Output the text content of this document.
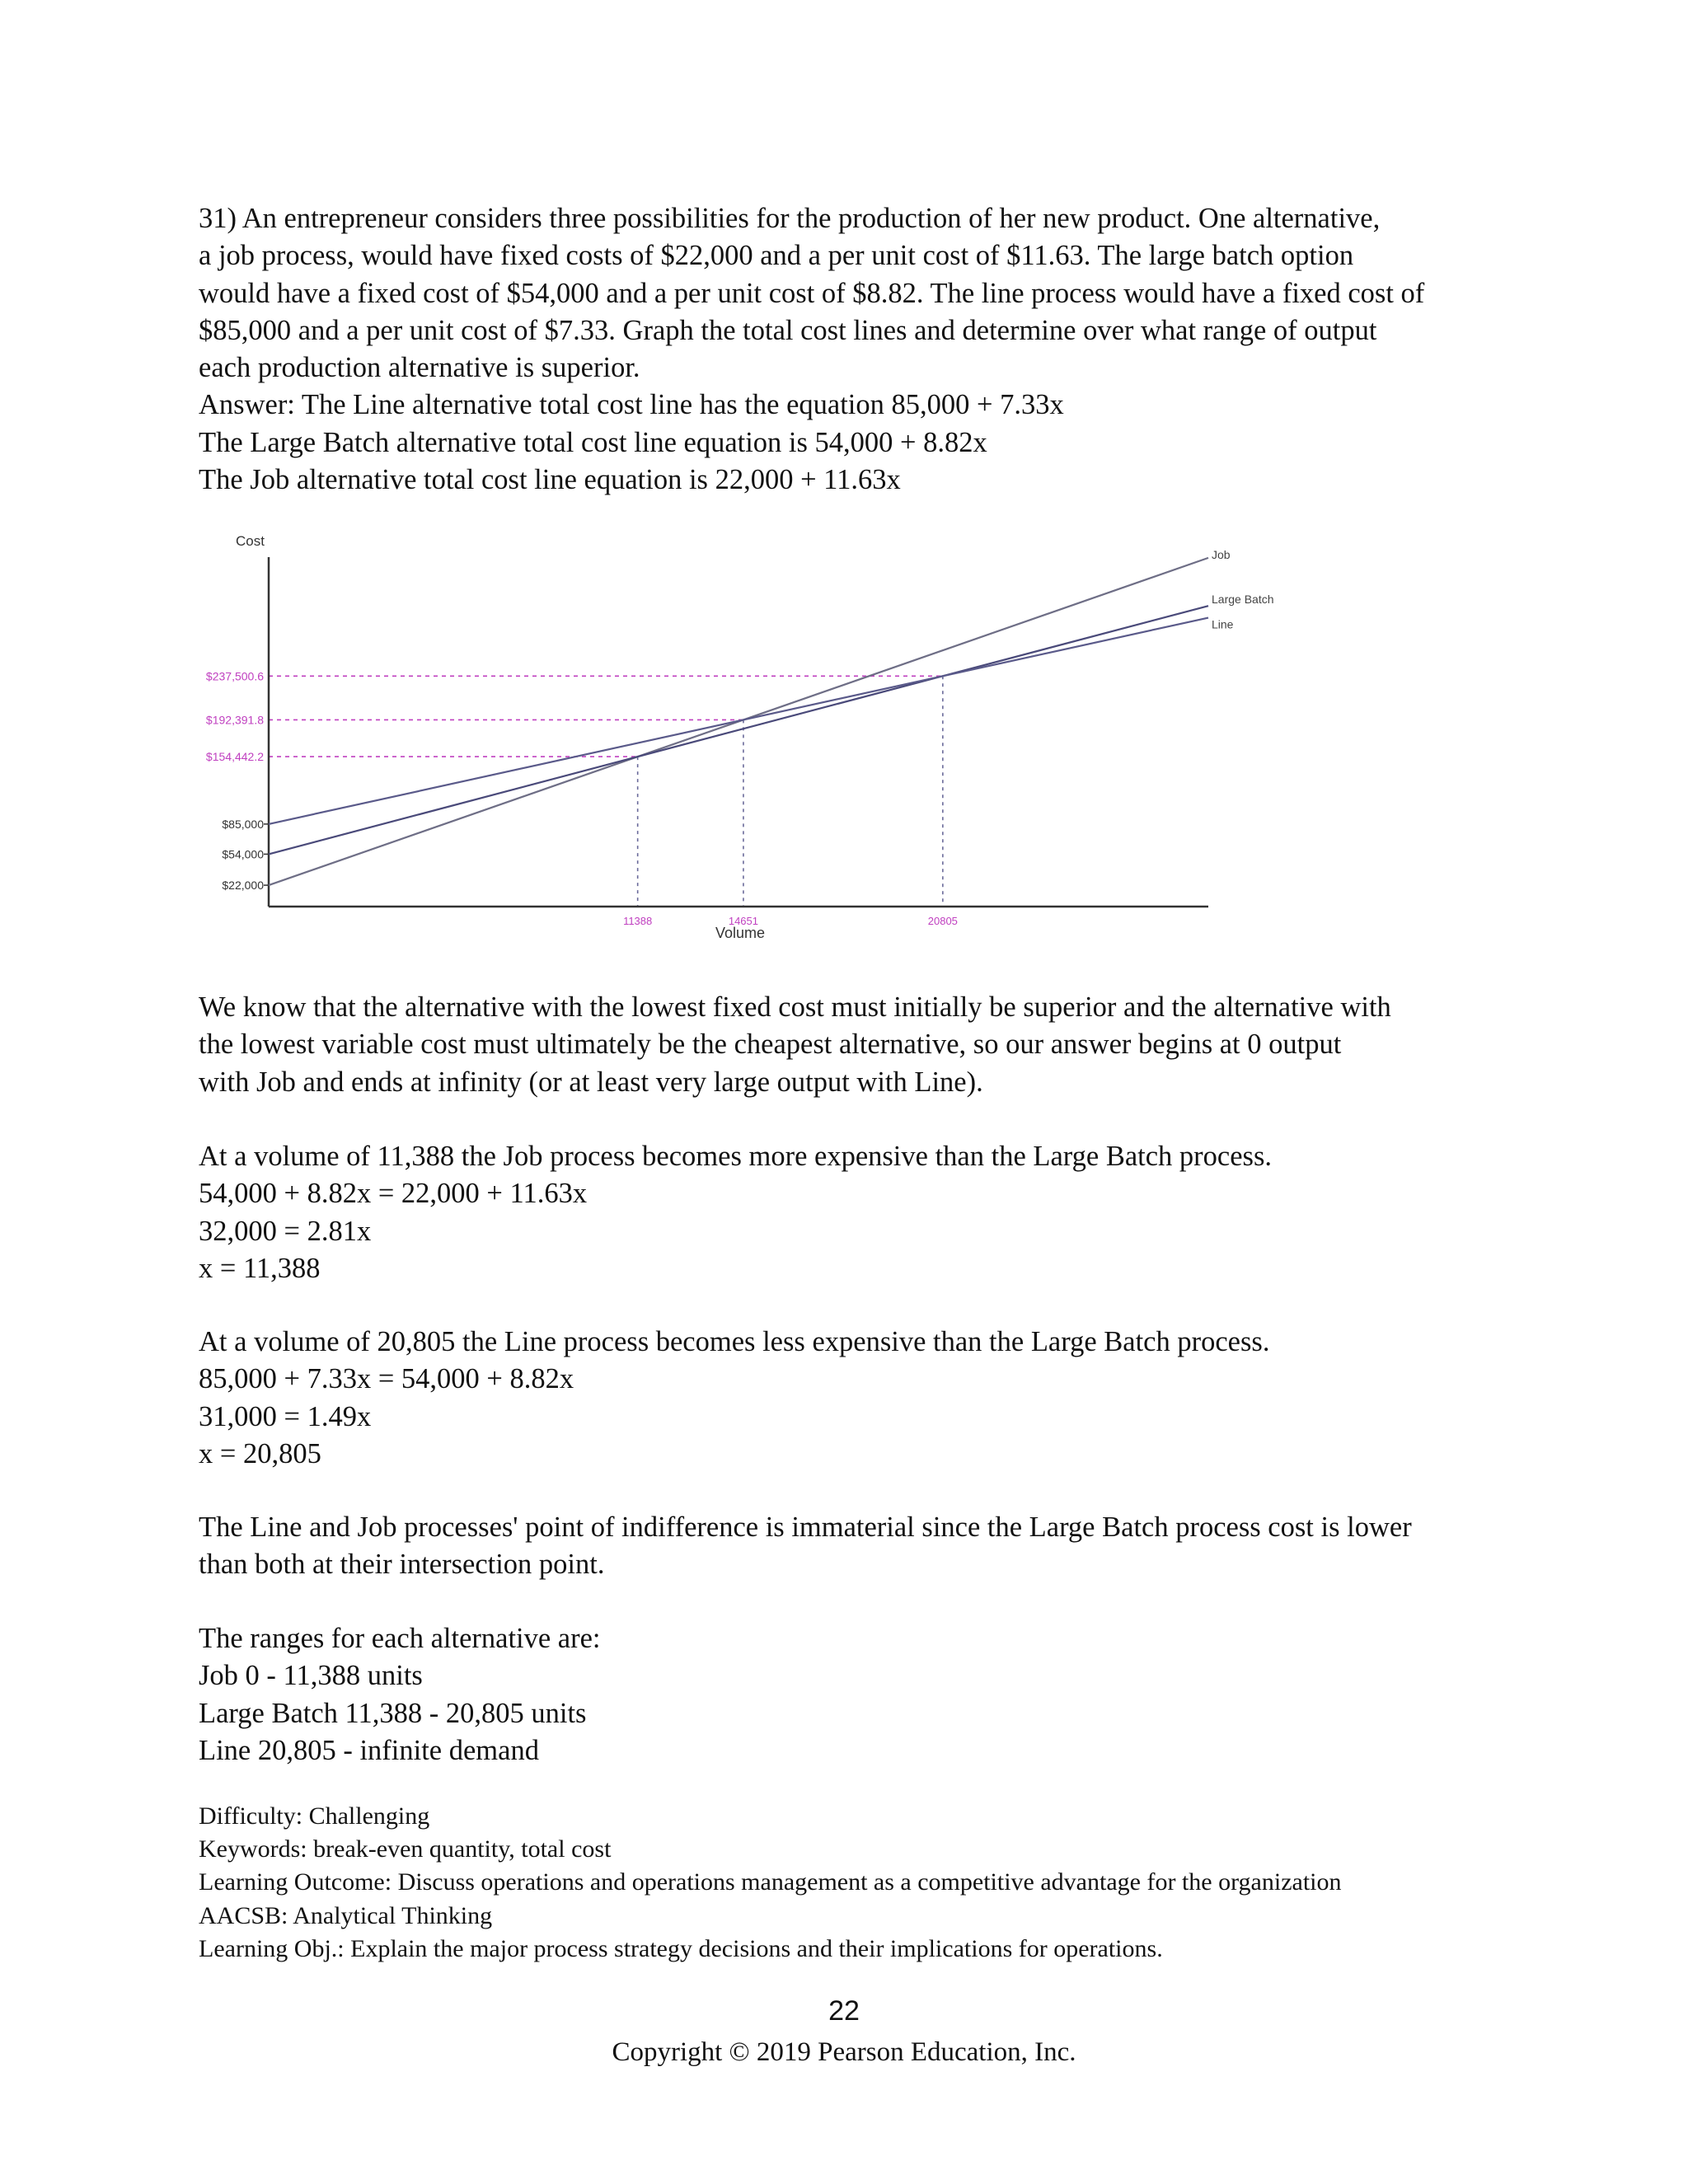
31) An entrepreneur considers three possibilities for the production of her new product. One alternative,

a job process, would have fixed costs of $22,000 and a per unit cost of $11.63. The large batch option

would have a fixed cost of $54,000 and a per unit cost of $8.82. The line process would have a fixed cost of

$85,000 and a per unit cost of $7.33. Graph the total cost lines and determine over what range of output

each production alternative is superior.

Answer: The Line alternative total cost line has the equation 85,000 + 7.33x

The Large Batch alternative total cost line equation is 54,000 + 8.82x

The Job alternative total cost line equation is 22,000 + 11.63x

Cost
Volume
$154,442.2
11388
$192,391.8
14651
$237,500.6
20805
$85,000
$54,000
$22,000
Job
Large Batch
Line

We know that the alternative with the lowest fixed cost must initially be superior and the alternative with

the lowest variable cost must ultimately be the cheapest alternative, so our answer begins at 0 output

with Job and ends at infinity (or at least very large output with Line).

At a volume of 11,388 the Job process becomes more expensive than the Large Batch process.

54,000 + 8.82x = 22,000 + 11.63x

32,000 = 2.81x

x = 11,388

At a volume of 20,805 the Line process becomes less expensive than the Large Batch process.

85,000 + 7.33x = 54,000 + 8.82x

31,000 = 1.49x

x = 20,805

The Line and Job processes' point of indifference is immaterial since the Large Batch process cost is lower

than both at their intersection point.

The ranges for each alternative are:

Job 0 - 11,388 units

Large Batch 11,388 - 20,805 units

Line 20,805 - infinite demand

Difficulty: Challenging

Keywords: break-even quantity, total cost

Learning Outcome: Discuss operations and operations management as a competitive advantage for the organization

AACSB: Analytical Thinking

Learning Obj.: Explain the major process strategy decisions and their implications for operations.

22
Copyright © 2019 Pearson Education, Inc.
